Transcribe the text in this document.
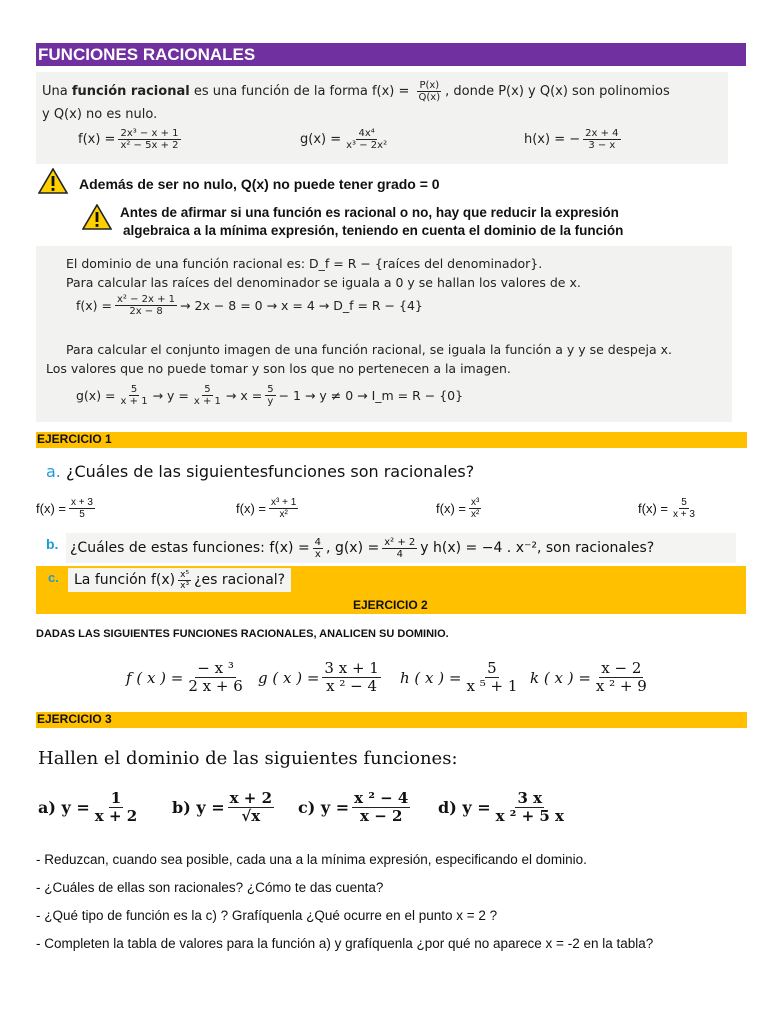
FUNCIONES RACIONALES
Una función racional es una función de la forma $f(x) = \frac{P(x)}{Q(x)}$ , donde P(x) y Q(x) son polinomios
y Q(x) no es nulo.
$f(x) = \frac{\text{2x³ − x + 1}}{\text{x² − 5x + 2}}$	$g(x) = \frac{\text{4x⁴}}{\text{x³ − 2x²}}$	h(x) = − $\frac{2x + 4}{3 - x}$
Además de ser no nulo, Q(x) no puede tener grado = 0
Antes de afirmar si una función es racional o no, hay que reducir la expresión
algebraica a la mínima expresión, teniendo en cuenta el dominio de la función
El dominio de una función racional es: D_f = R − {raíces del denominador}.
Para calcular las raíces del denominador se iguala a 0 y se hallan los valores de x.
$f(x) = \frac{\text{x² − 2x + 1}}{2x - 8} \to 2x - 8 = 0 \to x = 4$ → D_f = R − {4}
Para calcular el conjunto imagen de una función racional, se iguala la función a y y se despeja x.
Los valores que no puede tomar y son los que no pertenecen a la imagen.
$g(x) = \frac{5}{x + 1} \to y = \frac{5}{x + 1} \to x = \frac{5}{y} - 1 \to y \ne 0$ → I_m = R − {0}
EJERCICIO 1
a. ¿Cuáles de las siguientesfunciones son racionales?
$f(x) = \frac{x + 3}{5}$	$f(x) = \frac{\text{x³ + 1}}{\text{x²}}$	$f(x) = \frac{\text{x³}}{\text{x²}}$	$f(x) = \frac{5}{x + 3}$
b. ¿Cuáles de estas funciones: $f(x) = \frac{4}{x}$ , $g(x) = \frac{\text{x² + 2}}{4}$ y h(x) = −4 . x⁻², son racionales?
c. La función $f(x) \frac{\text{x⁵}}{\text{x³}}$ ¿es racional?
EJERCICIO 2
DADAS LAS SIGUIENTES FUNCIONES RACIONALES, ANALICEN SU DOMINIO.
f ( x ) = $\frac{\text{− x ³}}{2 x + 6}$ g ( x ) = $\frac{3 x + 1}{\text{x ² − 4}}$ h ( x ) = $\frac{5}{\text{x ⁵ + 1}}$ k ( x ) = $\frac{x - 2}{\text{x ² + 9}}$
EJERCICIO 3
Hallen el dominio de las siguientes funciones:
a) $y = \frac{1}{x + 2} b$) $y = \frac{x + 2}{√x} c$) $y = \frac{\text{x ² − 4}}{x - 2} d$) $y = \frac{3 x}{\text{x ² + 5 x}}$
- Reduzcan, cuando sea posible, cada una a la mínima expresión, especificando el dominio.
- ¿Cuáles de ellas son racionales? ¿Cómo te das cuenta?
- ¿Qué tipo de función es la c) ? Grafíquenla ¿Qué ocurre en el punto x = 2 ?
- Completen la tabla de valores para la función a) y grafíquenla ¿por qué no aparece x = -2 en la tabla?
